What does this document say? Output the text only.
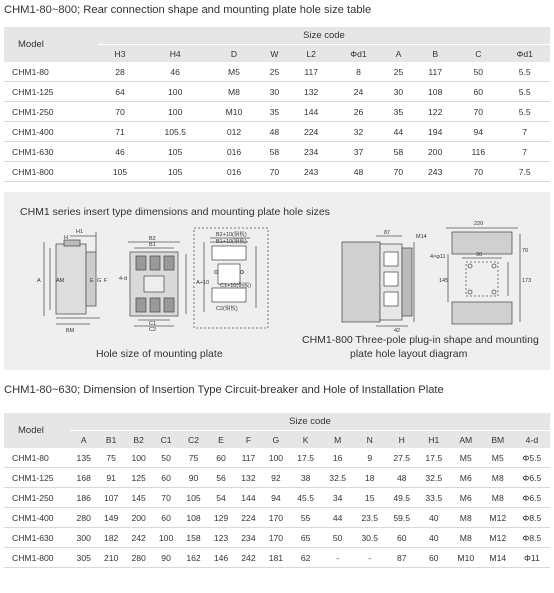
CHM1-80~800; Rear connection shape and mounting plate hole size table
Model	Size code									
	H3	H4	D	W	L2	Φd1	A	B	C	Φd1
CHM1-80	28	46	M5	25	117	8	25	117	50	5.5
CHM1-125	64	100	M8	30	132	24	30	108	60	5.5
CHM1-250	70	100	M10	35	144	26	35	122	70	5.5
CHM1-400	71	105.5	012	48	224	32	44	194	94	7
CHM1-630	46	105	016	58	234	37	58	200	116	7
CHM1-800	105	105	016	70	243	48	70	243	70	7.5
CHM1 series insert type dimensions and mounting plate hole sizes
H1
H
A	AM
BM
E G F
B2
B1
4-d
C1
C2
B2+10(铜板)
B1+10(铜板)
A+10
C2(铜板)
C1+10(铜板)
87
M14
220
90
70
145	173
42
4×φ11
Hole size of mounting plate
CHM1-800 Three-pole plug-in shape and mounting
plate hole layout diagram
CHM1-80~630; Dimension of Insertion Type Circuit-breaker and Hole of Installation Plate
Model	Size code															
	A	B1	B2	C1	C2	E	F	G	K	M	N	H	H1	AM	BM	4-d
CHM1-80	135	75	100	50	75	60	117	100	17.5	16	9	27.5	17.5	M5	M5	Φ5.5
CHM1-125	168	91	125	60	90	56	132	92	38	32.5	18	48	32.5	M6	M8	Φ6.5
CHM1-250	186	107	145	70	105	54	144	94	45.5	34	15	49.5	33.5	M6	M8	Φ6.5
CHM1-400	280	149	200	60	108	129	224	170	55	44	23.5	59.5	40	M8	M12	Φ8.5
CHM1-630	300	182	242	100	158	123	234	170	65	50	30.5	60	40	M8	M12	Φ8.5
CHM1-800	305	210	280	90	162	146	242	181	62	-	-	87	60	M10	M14	Φ11
